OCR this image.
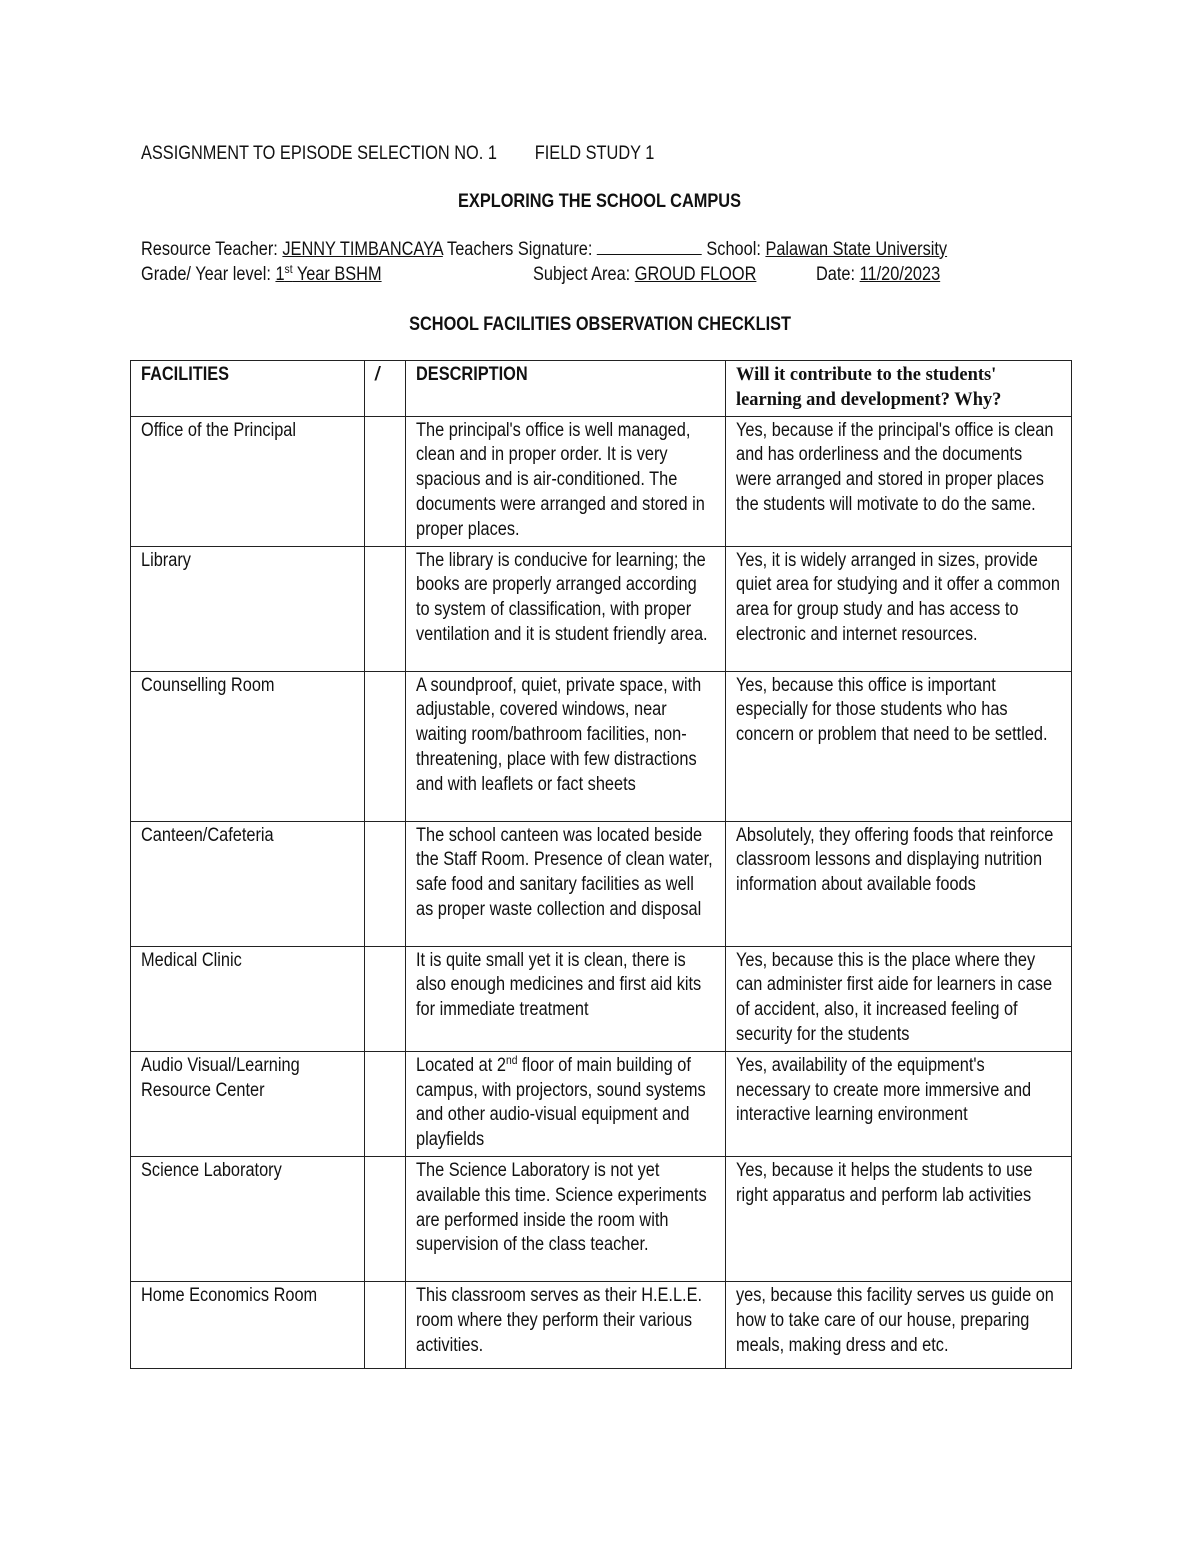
ASSIGNMENT TO EPISODE SELECTION NO. 1 FIELD STUDY 1
EXPLORING THE SCHOOL CAMPUS
Resource Teacher: JENNY TIMBANCAYA Teachers Signature:	School: Palawan State University
Grade/ Year level: 1st Year BSHM	Subject Area: GROUD FLOOR	Date: 11/20/2023
SCHOOL FACILITIES OBSERVATION CHECKLIST
FACILITIES	/	DESCRIPTION	Will it contribute to the students' learning and development? Why?

Office of the Principal		The principal's office is well managed, clean and in proper order. It is very spacious and is air-conditioned. The documents were arranged and stored in proper places.	Yes, because if the principal's office is clean and has orderliness and the documents were arranged and stored in proper places the students will motivate to do the same.

Library		The library is conducive for learning; the books are properly arranged according to system of classification, with proper ventilation and it is student friendly area.	Yes, it is widely arranged in sizes, provide quiet area for studying and it offer a common area for group study and has access to electronic and internet resources.

Counselling Room		A soundproof, quiet, private space, with adjustable, covered windows, near waiting room/bathroom facilities, non-threatening, place with few distractions and with leaflets or fact sheets	Yes, because this office is important especially for those students who has concern or problem that need to be settled.

Canteen/Cafeteria		The school canteen was located beside the Staff Room. Presence of clean water, safe food and sanitary facilities as well as proper waste collection and disposal	Absolutely, they offering foods that reinforce classroom lessons and displaying nutrition information about available foods

Medical Clinic		It is quite small yet it is clean, there is also enough medicines and first aid kits for immediate treatment	Yes, because this is the place where they can administer first aide for learners in case of accident, also, it increased feeling of security for the students

Audio Visual/Learning Resource Center		Located at 2nd floor of main building of campus, with projectors, sound systems and other audio-visual equipment and playfields	Yes, availability of the equipment's necessary to create more immersive and interactive learning environment

Science Laboratory		The Science Laboratory is not yet available this time. Science experiments are performed inside the room with supervision of the class teacher.	Yes, because it helps the students to use right apparatus and perform lab activities

Home Economics Room		This classroom serves as their H.E.L.E. room where they perform their various activities.	yes, because this facility serves us guide on how to take care of our house, preparing meals, making dress and etc.
